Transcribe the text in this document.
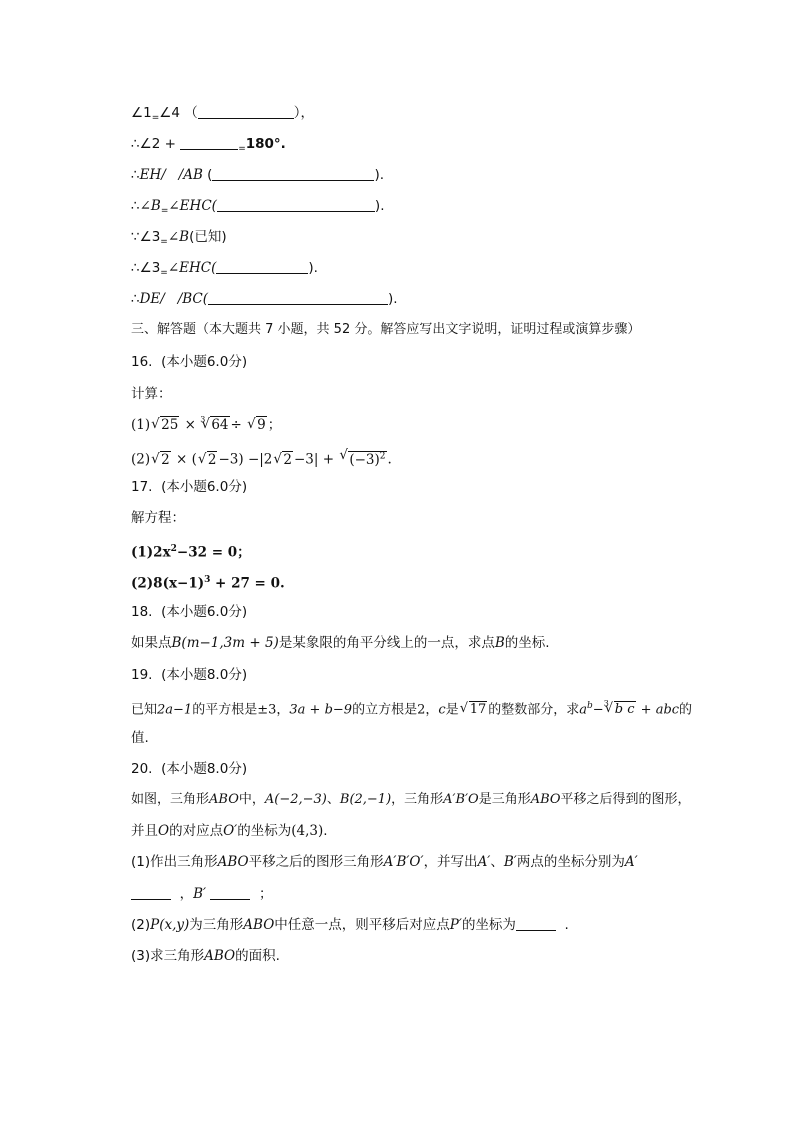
$\angle 1_=\angle 4$ （	），
∴∠2 +	$_=$180°.
∴EH/ /AB (	).
$\therefore\angle B_=\angle EHC$(	).
$\because\angle 3_=\angle B$(已知)
$\therefore\angle 3_=\angle EHC$(	).
∴DE/ /BC(	).
三、解答题（本大题共 7 小题，共 52 分。解答应写出文字说明，证明过程或演算步骤）
16. (本小题6.0分)
计算：
(1)√ 25 × $^3$√ 64 ÷ √ 9 ；
(2)√ 2 × (√ 2 −3) −|2√ 2 −3| + √ $(-3)^2$ .
17. (本小题6.0分)
解方程：
$(1)2x^2-32 = 0$；
$(2)8(x-1)^3 + 27 = 0$.
18. (本小题6.0分)
如果点B(m−1,3m + 5)是某象限的角平分线上的一点，求点B的坐标.
19. (本小题8.0分)
已知2a−1的平方根是±3，3a + b−9的立方根是2，c是√ 17 的整数部分，求$a^b-^3√$ b c + abc的
值.
20. (本小题8.0分)
如图，三角形ABO中，A(−2,−3)、B(2,−1)，三角形A′B′O是三角形ABO平移之后得到的图形，
并且O的对应点O′的坐标为(4,3).
(1)作出三角形ABO平移之后的图形三角形A′B′O′，并写出A′、B′两点的坐标分别为A′
，B′	；
(2)P(x,y)为三角形ABO中任意一点，则平移后对应点P′的坐标为	.
(3)求三角形ABO的面积.
